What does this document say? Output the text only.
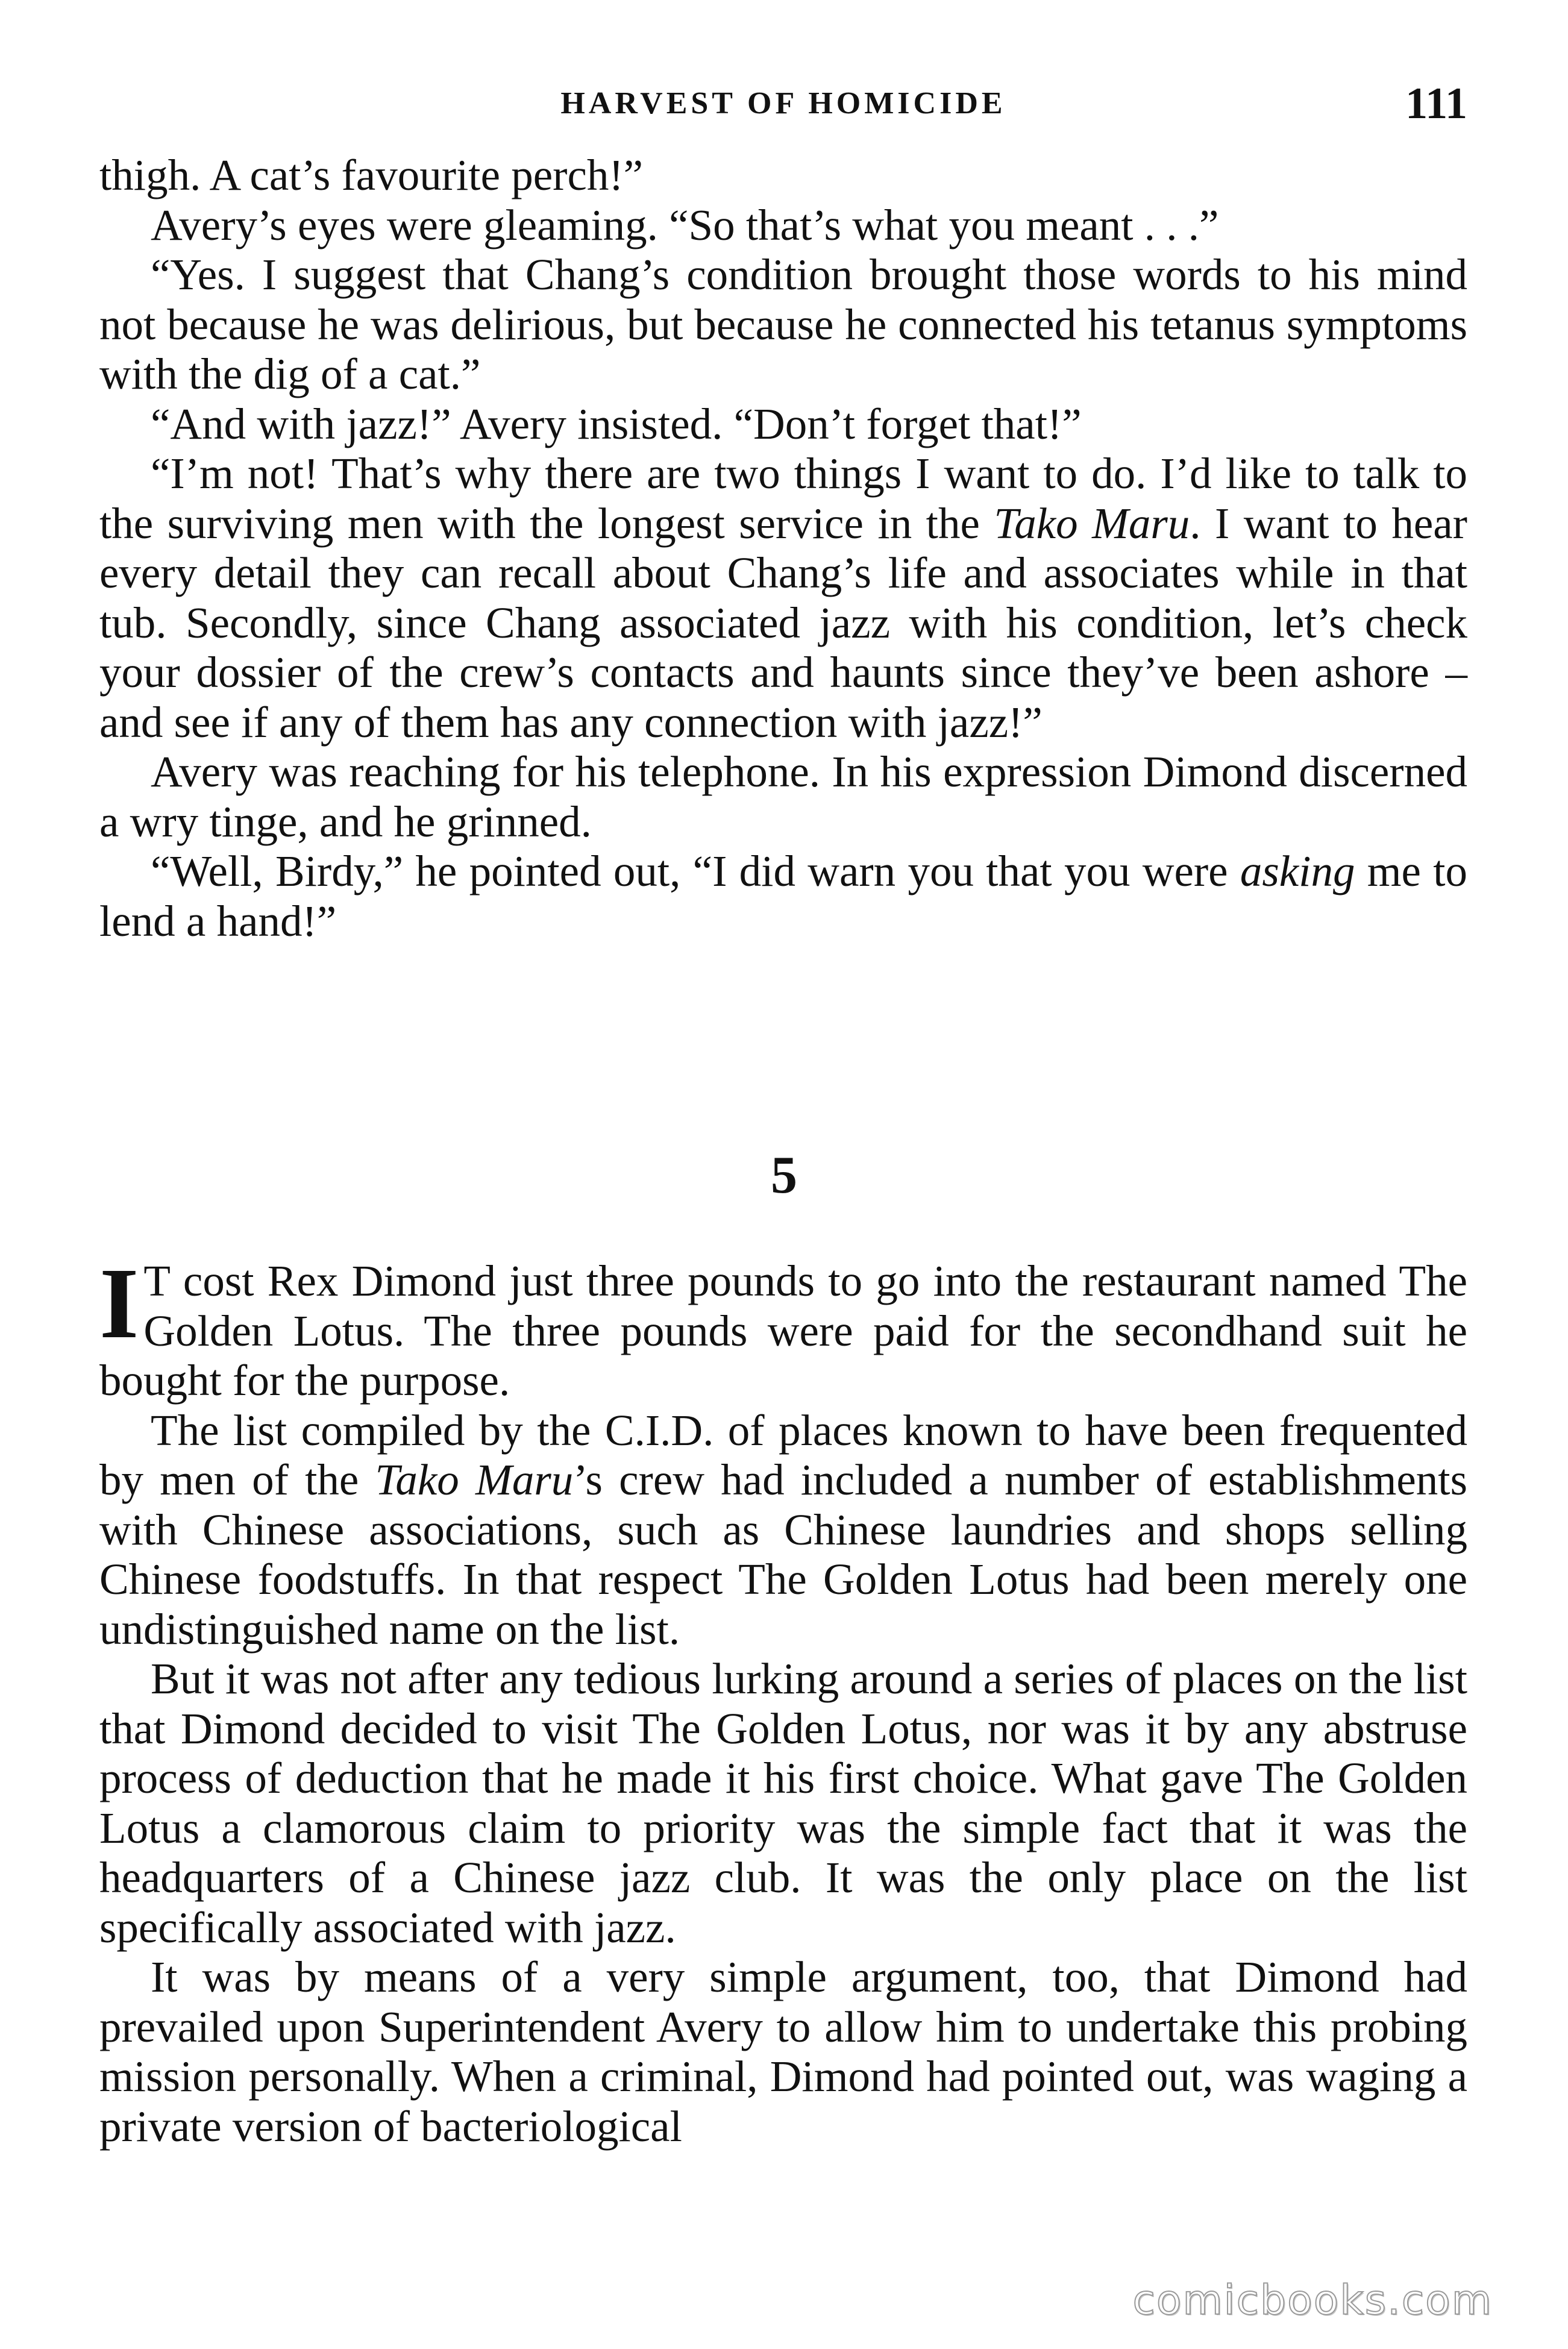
HARVEST OF HOMICIDE	111

thigh. A cat’s favourite perch!”

Avery’s eyes were gleaming. “So that’s what you meant . . .”

“Yes. I suggest that Chang’s condition brought those words to his mind not because he was delirious, but because he connected his tetanus symptoms with the dig of a cat.”

“And with jazz!” Avery insisted. “Don’t forget that!”

“I’m not! That’s why there are two things I want to do. I’d like to talk to the surviving men with the longest service in the Tako Maru. I want to hear every detail they can recall about Chang’s life and associates while in that tub. Secondly, since Chang associated jazz with his condition, let’s check your dossier of the crew’s contacts and haunts since they’ve been ashore – and see if any of them has any connection with jazz!”

Avery was reaching for his telephone. In his expression Dimond discerned a wry tinge, and he grinned.

“Well, Birdy,” he pointed out, “I did warn you that you were asking me to lend a hand!”

5

I T cost Rex Dimond just three pounds to go into the restaurant named The Golden Lotus. The three pounds were paid for the secondhand suit he bought for the purpose.

The list compiled by the C.I.D. of places known to have been frequented by men of the Tako Maru’s crew had included a number of establishments with Chinese associations, such as Chinese laundries and shops selling Chinese foodstuffs. In that respect The Golden Lotus had been merely one undistinguished name on the list.

But it was not after any tedious lurking around a series of places on the list that Dimond decided to visit The Golden Lotus, nor was it by any abstruse process of deduction that he made it his first choice. What gave The Golden Lotus a clamorous claim to priority was the simple fact that it was the headquarters of a Chinese jazz club. It was the only place on the list specifically associated with jazz.

It was by means of a very simple argument, too, that Dimond had prevailed upon Superintendent Avery to allow him to undertake this probing mission personally. When a criminal, Dimond had pointed out, was waging a private version of bacteriological

comicbooks.com
